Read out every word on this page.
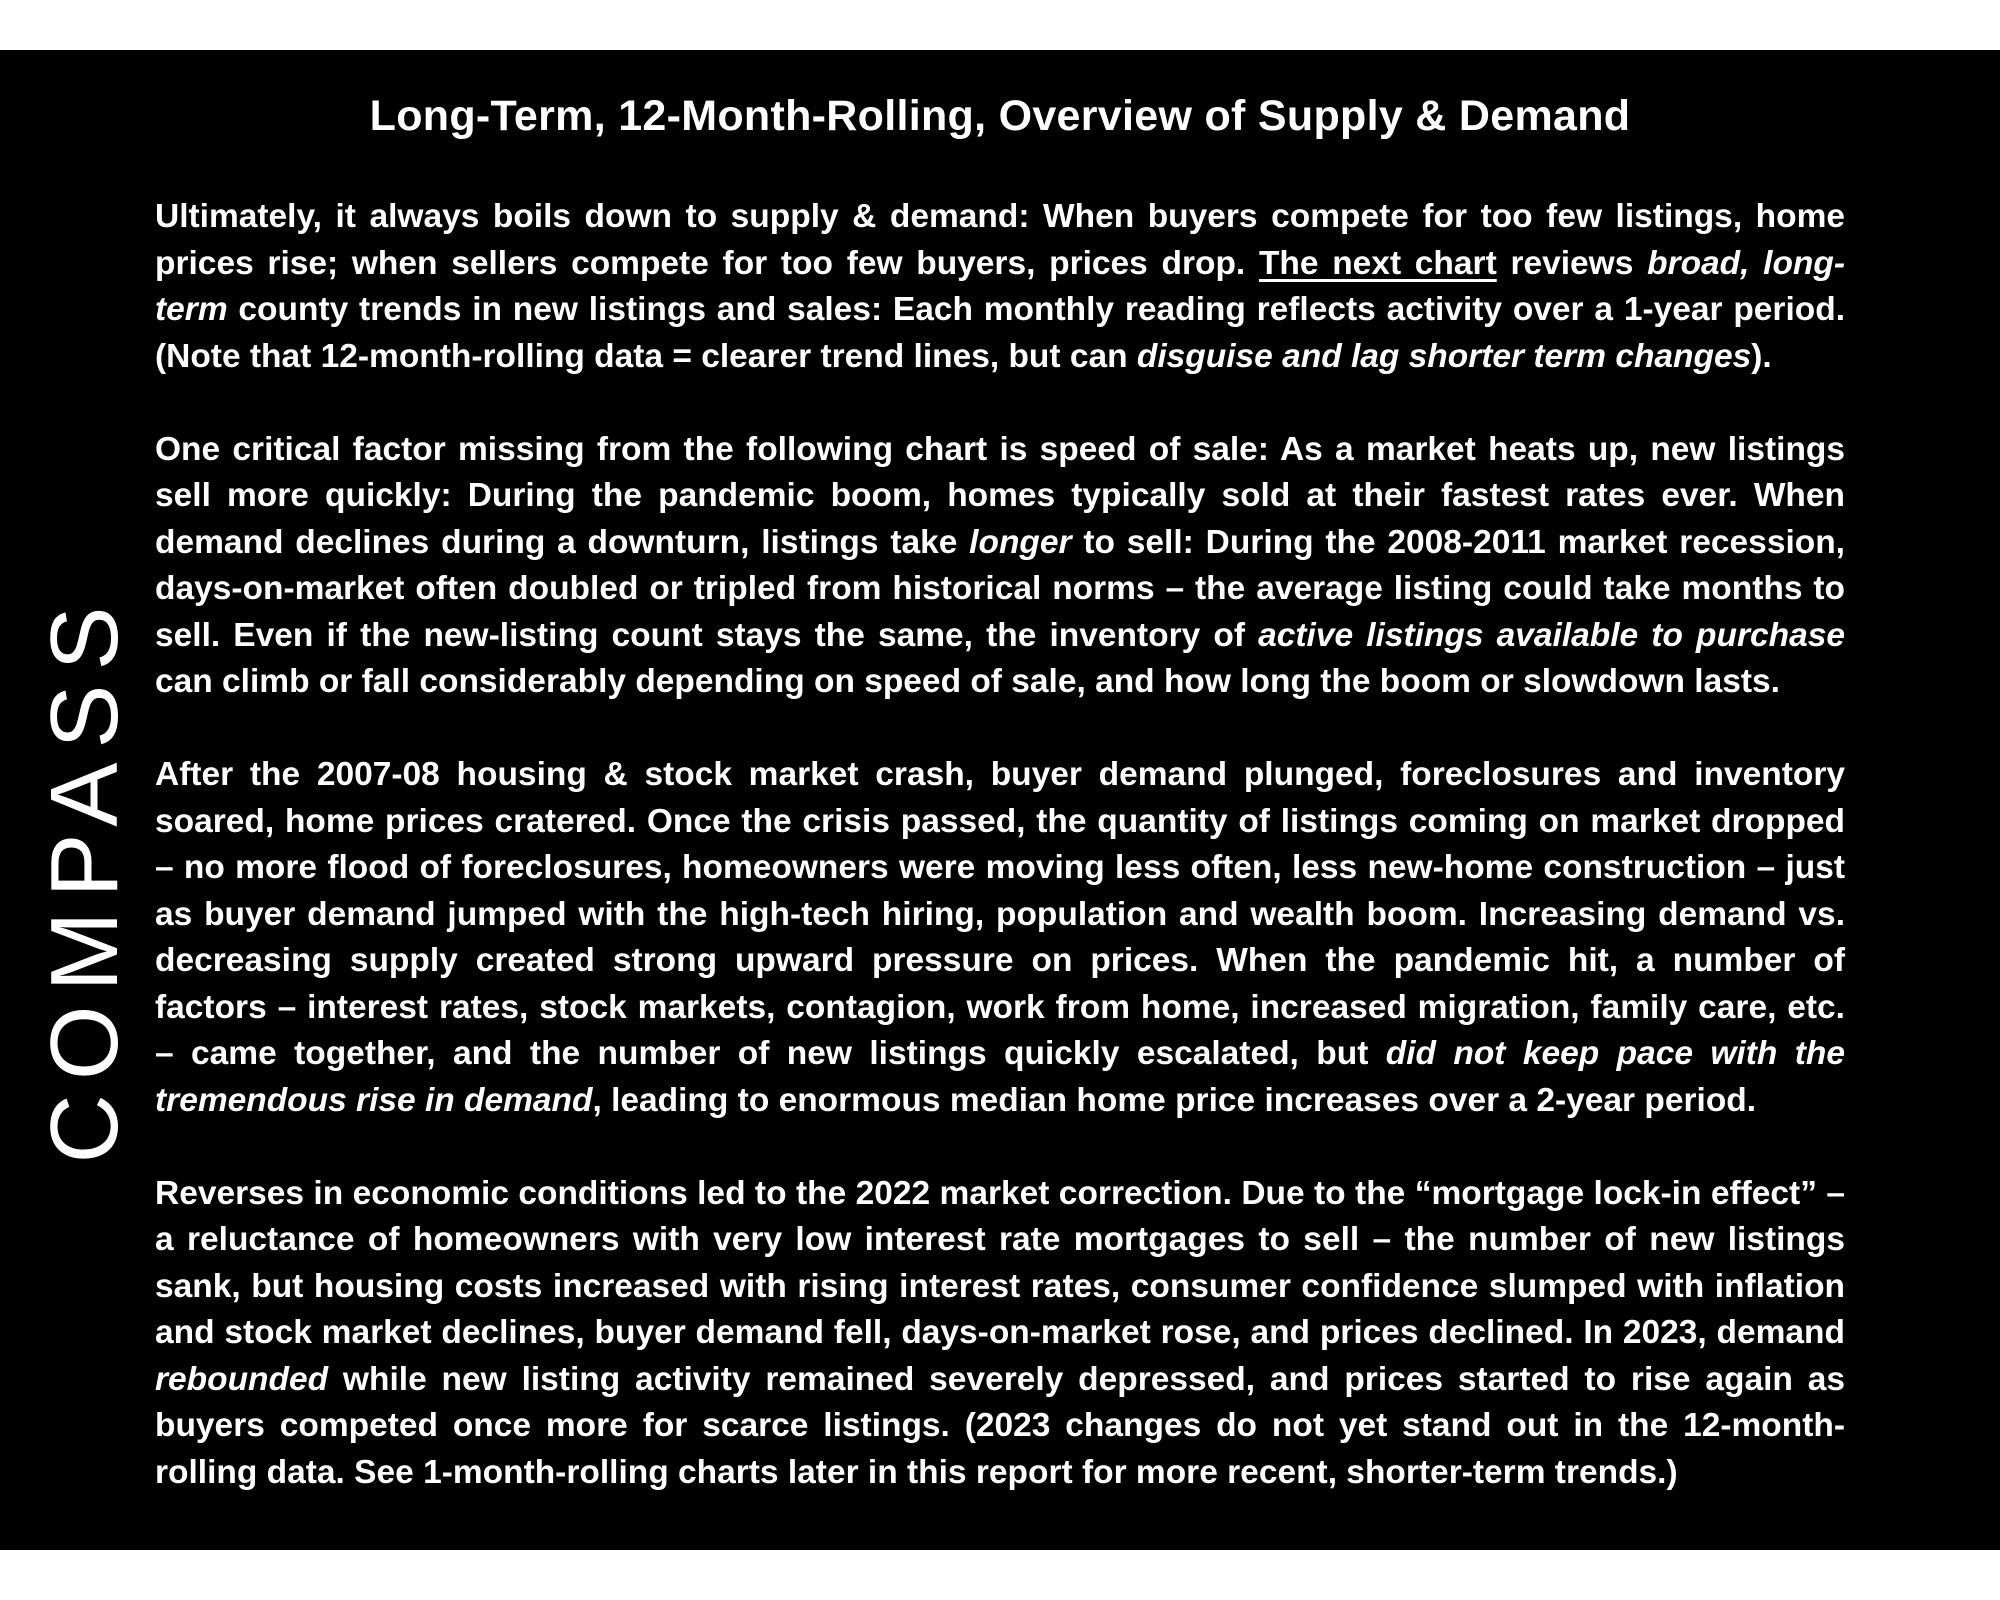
COMPASS
Long-Term, 12-Month-Rolling, Overview of Supply & Demand

Ultimately, it always boils down to supply & demand: When buyers compete for too few listings, home prices rise; when sellers compete for too few buyers, prices drop. The next chart reviews broad, long-term county trends in new listings and sales: Each monthly reading reflects activity over a 1-year period. (Note that 12-month-rolling data = clearer trend lines, but can disguise and lag shorter term changes).

One critical factor missing from the following chart is speed of sale: As a market heats up, new listings sell more quickly: During the pandemic boom, homes typically sold at their fastest rates ever. When demand declines during a downturn, listings take longer to sell: During the 2008-2011 market recession, days-on-market often doubled or tripled from historical norms – the average listing could take months to sell. Even if the new-listing count stays the same, the inventory of active listings available to purchase can climb or fall considerably depending on speed of sale, and how long the boom or slowdown lasts.

After the 2007-08 housing & stock market crash, buyer demand plunged, foreclosures and inventory soared, home prices cratered. Once the crisis passed, the quantity of listings coming on market dropped – no more flood of foreclosures, homeowners were moving less often, less new-home construction – just as buyer demand jumped with the high-tech hiring, population and wealth boom. Increasing demand vs. decreasing supply created strong upward pressure on prices. When the pandemic hit, a number of factors – interest rates, stock markets, contagion, work from home, increased migration, family care, etc. – came together, and the number of new listings quickly escalated, but did not keep pace with the tremendous rise in demand, leading to enormous median home price increases over a 2-year period.

Reverses in economic conditions led to the 2022 market correction. Due to the “mortgage lock-in effect” – a reluctance of homeowners with very low interest rate mortgages to sell – the number of new listings sank, but housing costs increased with rising interest rates, consumer confidence slumped with inflation and stock market declines, buyer demand fell, days-on-market rose, and prices declined. In 2023, demand rebounded while new listing activity remained severely depressed, and prices started to rise again as buyers competed once more for scarce listings. (2023 changes do not yet stand out in the 12-month-rolling data. See 1-month-rolling charts later in this report for more recent, shorter-term trends.)
